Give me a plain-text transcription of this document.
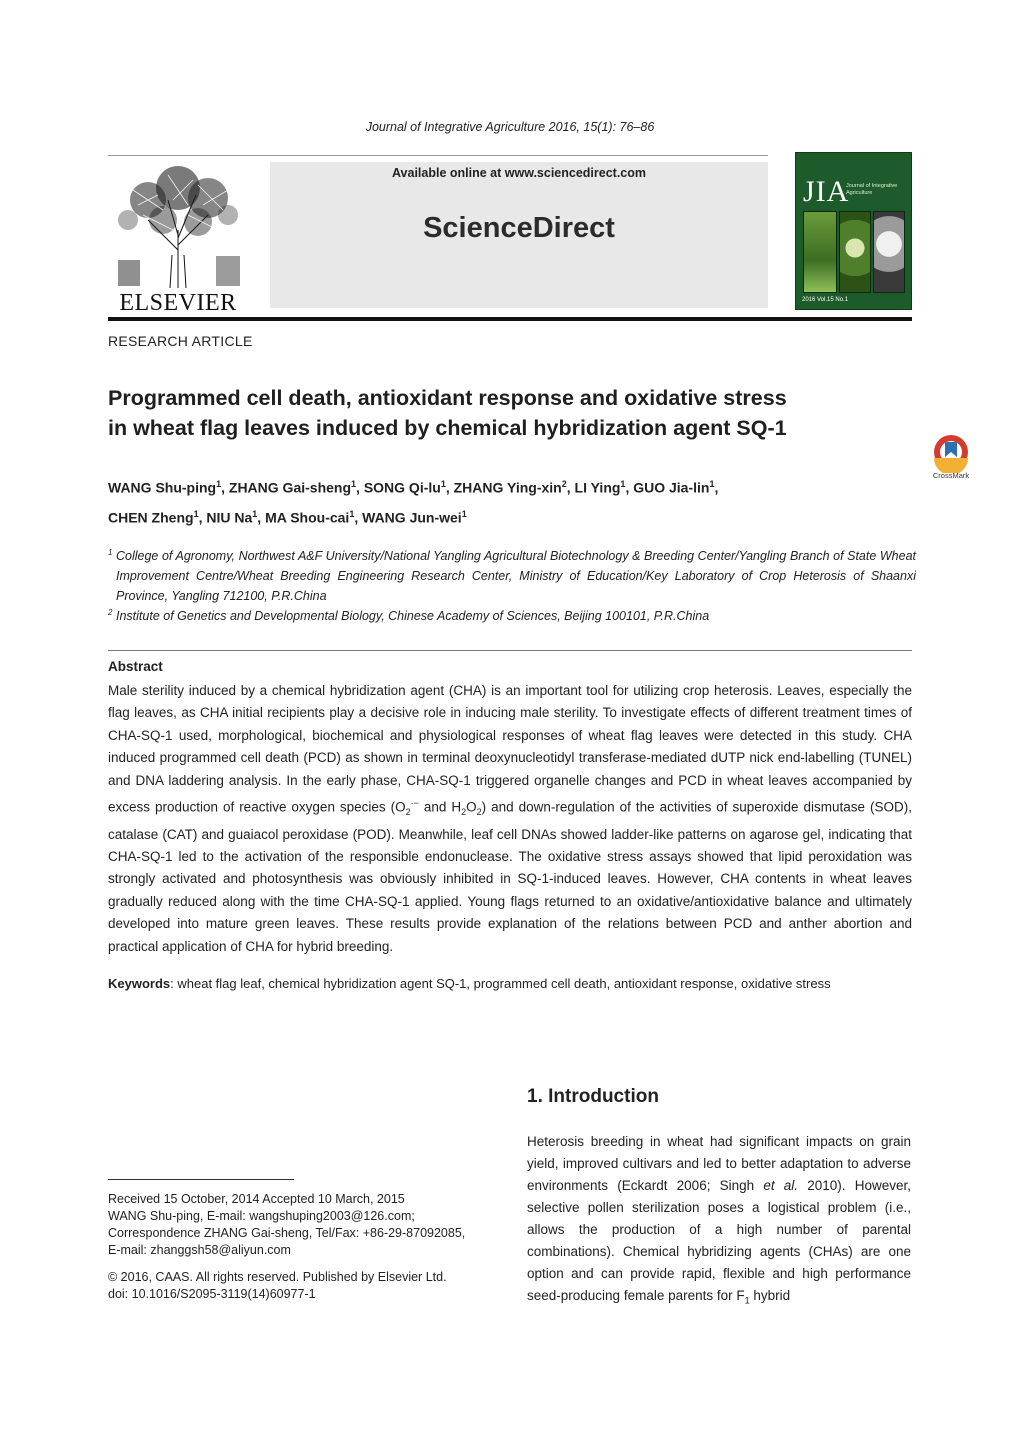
Journal of Integrative Agriculture 2016, 15(1): 76–86
ELSEVIER
Available online at www.sciencedirect.com
ScienceDirect
JIA
Journal of Integrative Agriculture
2016 Vol.15 No.1
RESEARCH ARTICLE
Programmed cell death, antioxidant response and oxidative stress
in wheat flag leaves induced by chemical hybridization agent SQ-1
CrossMark
WANG Shu-ping$^1$, ZHANG Gai-sheng$^1$, SONG $Qi-lu^1$, ZHANG Ying-xin$^2$, LI Ying$^1$, GUO Jia-lin$^1$,
CHEN Zheng$^1$, NIU Na$^1$, MA Shou-cai$^1$, WANG Jun-wei$^1$
1 College of Agronomy, Northwest A&F University/National Yangling Agricultural Biotechnology & Breeding Center/Yangling Branch of State Wheat Improvement Centre/Wheat Breeding Engineering Research Center, Ministry of Education/Key Laboratory of Crop Heterosis of Shaanxi Province, Yangling 712100, P.R.China
2 Institute of Genetics and Developmental Biology, Chinese Academy of Sciences, Beijing 100101, P.R.China
Abstract
Male sterility induced by a chemical hybridization agent (CHA) is an important tool for utilizing crop heterosis. Leaves, especially the flag leaves, as CHA initial recipients play a decisive role in inducing male sterility. To investigate effects of different treatment times of CHA-SQ-1 used, morphological, biochemical and physiological responses of wheat flag leaves were detected in this study. CHA induced programmed cell death (PCD) as shown in terminal deoxynucleotidyl transferase-mediated dUTP nick end-labelling (TUNEL) and DNA laddering analysis. In the early phase, CHA-SQ-1 triggered organelle changes and PCD in wheat leaves accompanied by excess production of reactive oxygen species ($O_2^{\cdot-}$ and $H_2O_2$) and down-regulation of the activities of superoxide dismutase (SOD), catalase (CAT) and guaiacol peroxidase (POD). Meanwhile, leaf cell DNAs showed ladder-like patterns on agarose gel, indicating that CHA-SQ-1 led to the activation of the responsible endonuclease. The oxidative stress assays showed that lipid peroxidation was strongly activated and photosynthesis was obviously inhibited in SQ-1-induced leaves. However, CHA contents in wheat leaves gradually reduced along with the time CHA-SQ-1 applied. Young flags returned to an oxidative/antioxidative balance and ultimately developed into mature green leaves. These results provide explanation of the relations between PCD and anther abortion and practical application of CHA for hybrid breeding.
Keywords: wheat flag leaf, chemical hybridization agent SQ-1, programmed cell death, antioxidant response, oxidative stress
1. Introduction
Heterosis breeding in wheat had significant impacts on grain yield, improved cultivars and led to better adaptation to adverse environments (Eckardt 2006; Singh et al. 2010). However, selective pollen sterilization poses a logistical problem (i.e., allows the production of a high number of parental combinations). Chemical hybridizing agents (CHAs) are one option and can provide rapid, flexible and high performance seed-producing female parents for $F_1$ hybrid
Received 15 October, 2014 Accepted 10 March, 2015
WANG Shu-ping, E-mail: wangshuping2003@126.com;
Correspondence ZHANG Gai-sheng, Tel/Fax: +86-29-87092085,
E-mail: zhanggsh58@aliyun.com
© 2016, CAAS. All rights reserved. Published by Elsevier Ltd.
doi: 10.1016/S2095-3119(14)60977-1
